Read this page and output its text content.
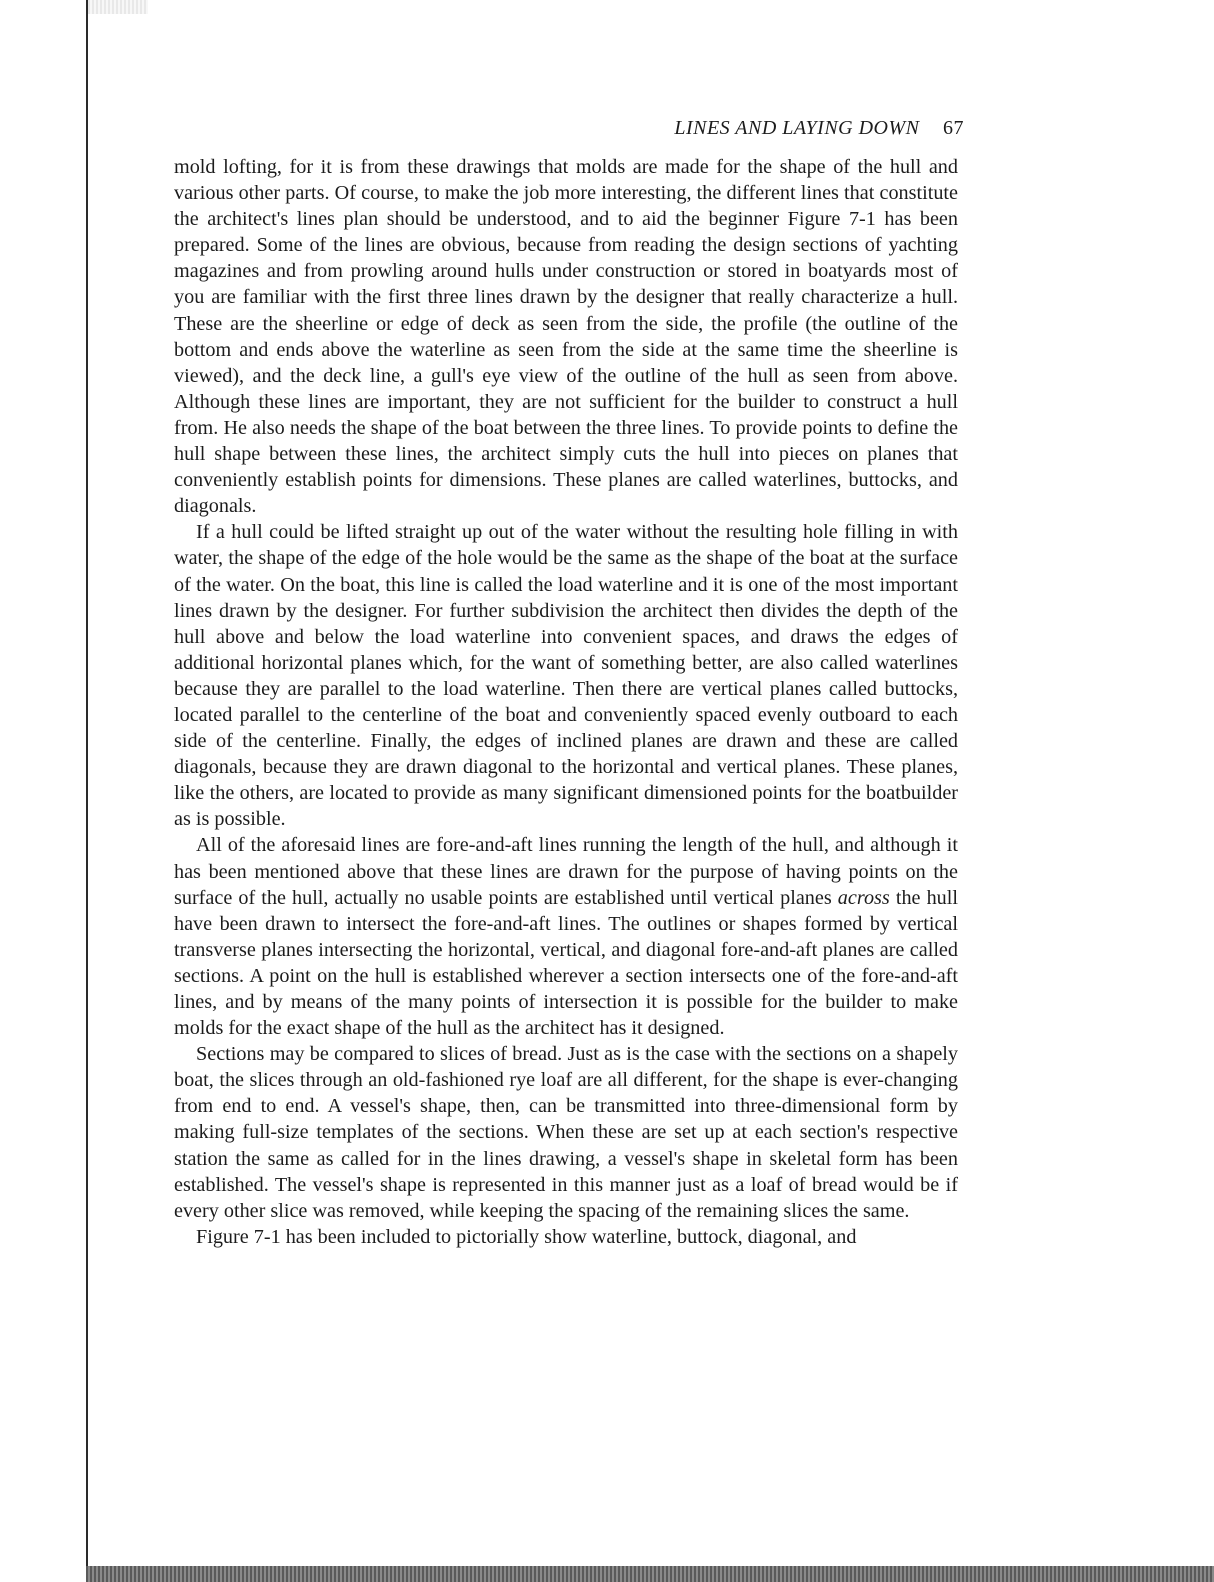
LINES AND LAYING DOWN 67

mold lofting, for it is from these drawings that molds are made for the shape of the hull and various other parts. Of course, to make the job more interesting, the different lines that constitute the architect's lines plan should be understood, and to aid the beginner Figure 7-1 has been prepared. Some of the lines are obvious, because from reading the design sections of yachting magazines and from prowling around hulls under construction or stored in boatyards most of you are familiar with the first three lines drawn by the designer that really characterize a hull. These are the sheerline or edge of deck as seen from the side, the profile (the outline of the bottom and ends above the waterline as seen from the side at the same time the sheerline is viewed), and the deck line, a gull's eye view of the outline of the hull as seen from above. Although these lines are important, they are not sufficient for the builder to construct a hull from. He also needs the shape of the boat between the three lines. To provide points to define the hull shape between these lines, the architect simply cuts the hull into pieces on planes that conveniently establish points for dimensions. These planes are called waterlines, buttocks, and diagonals.

If a hull could be lifted straight up out of the water without the resulting hole filling in with water, the shape of the edge of the hole would be the same as the shape of the boat at the surface of the water. On the boat, this line is called the load waterline and it is one of the most important lines drawn by the designer. For further subdivision the architect then divides the depth of the hull above and below the load waterline into convenient spaces, and draws the edges of additional horizontal planes which, for the want of something better, are also called waterlines because they are parallel to the load waterline. Then there are vertical planes called buttocks, located parallel to the centerline of the boat and conveniently spaced evenly outboard to each side of the centerline. Finally, the edges of inclined planes are drawn and these are called diagonals, because they are drawn diagonal to the horizontal and vertical planes. These planes, like the others, are located to provide as many significant dimensioned points for the boatbuilder as is possible.

All of the aforesaid lines are fore-and-aft lines running the length of the hull, and although it has been mentioned above that these lines are drawn for the purpose of having points on the surface of the hull, actually no usable points are established until vertical planes across the hull have been drawn to intersect the fore-and-aft lines. The outlines or shapes formed by vertical transverse planes intersecting the horizontal, vertical, and diagonal fore-and-aft planes are called sections. A point on the hull is established wherever a section intersects one of the fore-and-aft lines, and by means of the many points of intersection it is possible for the builder to make molds for the exact shape of the hull as the architect has it designed.

Sections may be compared to slices of bread. Just as is the case with the sections on a shapely boat, the slices through an old-fashioned rye loaf are all different, for the shape is ever-changing from end to end. A vessel's shape, then, can be transmitted into three-dimensional form by making full-size templates of the sections. When these are set up at each section's respective station the same as called for in the lines drawing, a vessel's shape in skeletal form has been established. The vessel's shape is represented in this manner just as a loaf of bread would be if every other slice was removed, while keeping the spacing of the remaining slices the same.

Figure 7-1 has been included to pictorially show waterline, buttock, diagonal, and
